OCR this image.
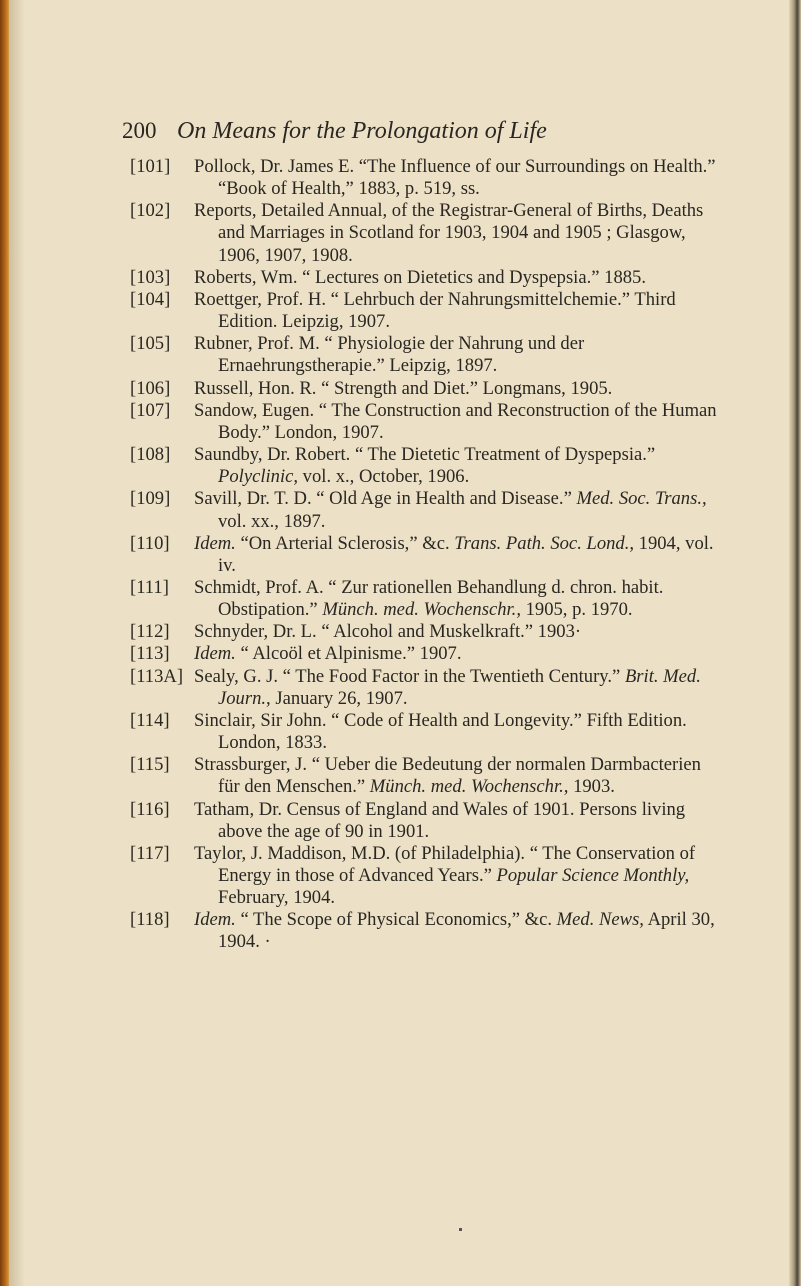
200 On Means for the Prolongation of Life
[101] Pollock, Dr. James E. “The Influence of our Surroundings on Health.” “Book of Health,” 1883, p. 519, ss.
[102] Reports, Detailed Annual, of the Registrar-General of Births, Deaths and Marriages in Scotland for 1903, 1904 and 1905 ; Glasgow, 1906, 1907, 1908.
[103] Roberts, Wm. “ Lectures on Dietetics and Dyspepsia.” 1885.
[104] Roettger, Prof. H. “ Lehrbuch der Nahrungsmittelchemie.” Third Edition. Leipzig, 1907.
[105] Rubner, Prof. M. “ Physiologie der Nahrung und der Ernaehrungstherapie.” Leipzig, 1897.
[106] Russell, Hon. R. “ Strength and Diet.” Longmans, 1905.
[107] Sandow, Eugen. “ The Construction and Reconstruction of the Human Body.” London, 1907.
[108] Saundby, Dr. Robert. “ The Dietetic Treatment of Dyspepsia.” Polyclinic, vol. x., October, 1906.
[109] Savill, Dr. T. D. “ Old Age in Health and Disease.” Med. Soc. Trans., vol. xx., 1897.
[110] Idem. “On Arterial Sclerosis,” &c. Trans. Path. Soc. Lond., 1904, vol. iv.
[111] Schmidt, Prof. A. “ Zur rationellen Behandlung d. chron. habit. Obstipation.” Münch. med. Wochenschr., 1905, p. 1970.
[112] Schnyder, Dr. L. “ Alcohol and Muskelkraft.” 1903·
[113] Idem. “ Alcoöl et Alpinisme.” 1907.
[113A] Sealy, G. J. “ The Food Factor in the Twentieth Century.” Brit. Med. Journ., January 26, 1907.
[114] Sinclair, Sir John. “ Code of Health and Longevity.” Fifth Edition. London, 1833.
[115] Strassburger, J. “ Ueber die Bedeutung der normalen Darmbacterien für den Menschen.” Münch. med. Wochenschr., 1903.
[116] Tatham, Dr. Census of England and Wales of 1901. Persons living above the age of 90 in 1901.
[117] Taylor, J. Maddison, M.D. (of Philadelphia). “ The Conservation of Energy in those of Advanced Years.” Popular Science Monthly, February, 1904.
[118] Idem. “ The Scope of Physical Economics,” &c. Med. News, April 30, 1904. ·
